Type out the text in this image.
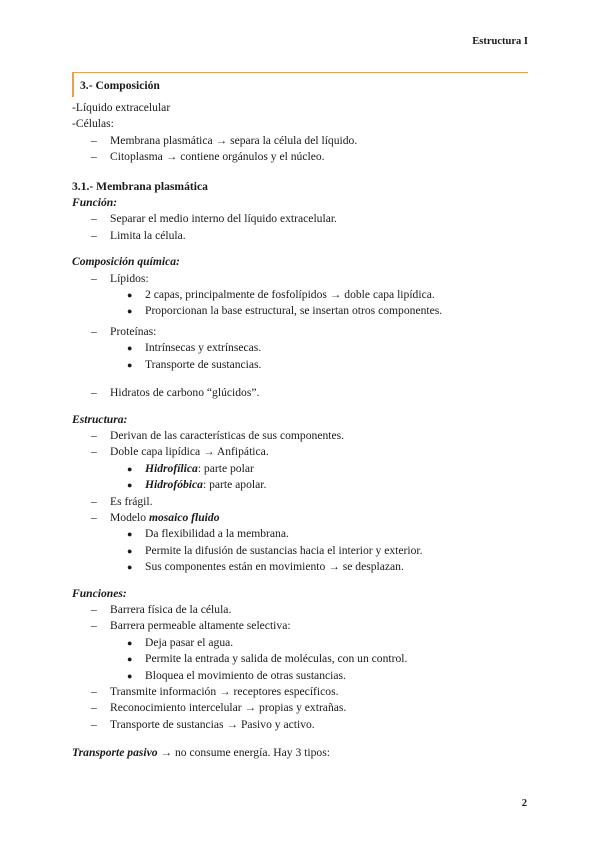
Estructura I
3.- Composición
-Líquido extracelular
-Células:
– Membrana plasmática → separa la célula del líquido.
– Citoplasma → contiene orgánulos y el núcleo.
3.1.- Membrana plasmática
Función:
– Separar el medio interno del líquido extracelular.
– Limita la célula.
Composición química:
– Lípidos:
● 2 capas, principalmente de fosfolípidos → doble capa lipídica.
● Proporcionan la base estructural, se insertan otros componentes.
– Proteínas:
● Intrínsecas y extrínsecas.
● Transporte de sustancias.
– Hidratos de carbono “glúcidos”.
Estructura:
– Derivan de las características de sus componentes.
– Doble capa lipídica → Anfipática.
● Hidrofílica: parte polar
● Hidrofóbica: parte apolar.
– Es frágil.
– Modelo mosaico fluido
● Da flexibilidad a la membrana.
● Permite la difusión de sustancias hacia el interior y exterior.
● Sus componentes están en movimiento → se desplazan.
Funciones:
– Barrera física de la célula.
– Barrera permeable altamente selectiva:
● Deja pasar el agua.
● Permite la entrada y salida de moléculas, con un control.
● Bloquea el movimiento de otras sustancias.
– Transmite información → receptores específicos.
– Reconocimiento intercelular → propias y extrañas.
– Transporte de sustancias → Pasivo y activo.
Transporte pasivo → no consume energía. Hay 3 tipos:
2
